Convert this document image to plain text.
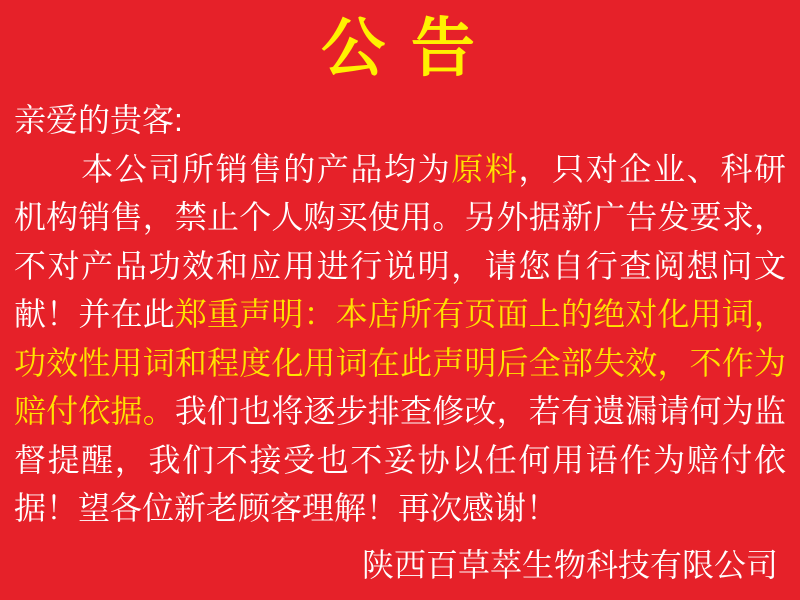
公 告
亲爱的贵客:
　　本公司所销售的产品均为原料，只对企业、科研
机构销售，禁止个人购买使用。另外据新广告发要求，
不对产品功效和应用进行说明，请您自行查阅想问文
献！并在此郑重声明：本店所有页面上的绝对化用词，
功效性用词和程度化用词在此声明后全部失效，不作为
赔付依据。我们也将逐步排查修改，若有遗漏请何为监
督提醒，我们不接受也不妥协以任何用语作为赔付依
据！望各位新老顾客理解！再次感谢！
陕西百草萃生物科技有限公司
